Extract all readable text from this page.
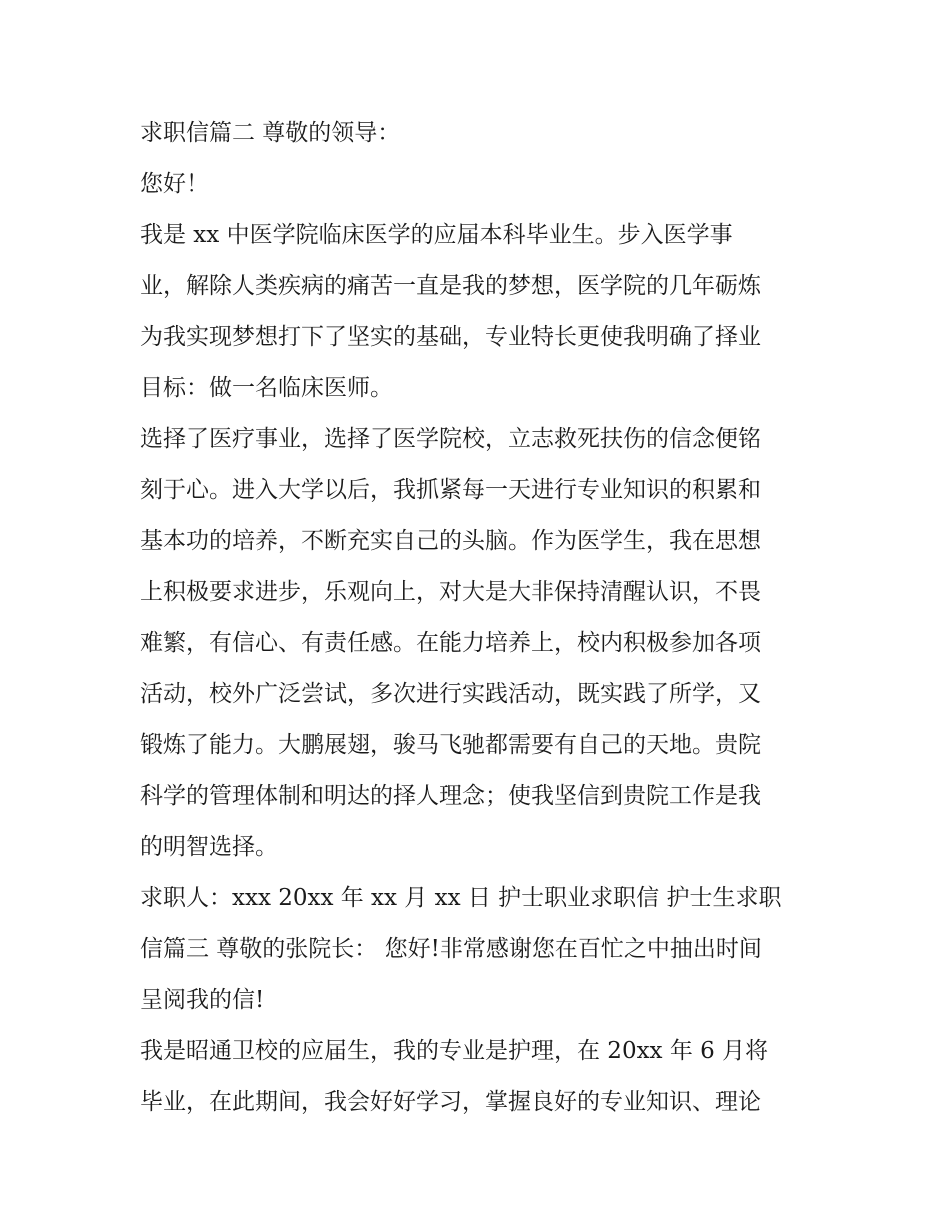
求职信篇二 尊敬的领导：
您好！
我是 xx 中医学院临床医学的应届本科毕业生。步入医学事
业，解除人类疾病的痛苦一直是我的梦想，医学院的几年砺炼
为我实现梦想打下了坚实的基础，专业特长更使我明确了择业
目标：做一名临床医师。
选择了医疗事业，选择了医学院校，立志救死扶伤的信念便铭
刻于心。进入大学以后，我抓紧每一天进行专业知识的积累和
基本功的培养，不断充实自己的头脑。作为医学生，我在思想
上积极要求进步，乐观向上，对大是大非保持清醒认识，不畏
难繁，有信心、有责任感。在能力培养上，校内积极参加各项
活动，校外广泛尝试，多次进行实践活动，既实践了所学，又
锻炼了能力。大鹏展翅，骏马飞驰都需要有自己的天地。贵院
科学的管理体制和明达的择人理念；使我坚信到贵院工作是我
的明智选择。
求职人：xxx 20xx 年 xx 月 xx 日 护士职业求职信 护士生求职
信篇三 尊敬的张院长： 您好!非常感谢您在百忙之中抽出时间
呈阅我的信!
我是昭通卫校的应届生，我的专业是护理，在 20xx 年 6 月将
毕业，在此期间，我会好好学习，掌握良好的专业知识、理论
